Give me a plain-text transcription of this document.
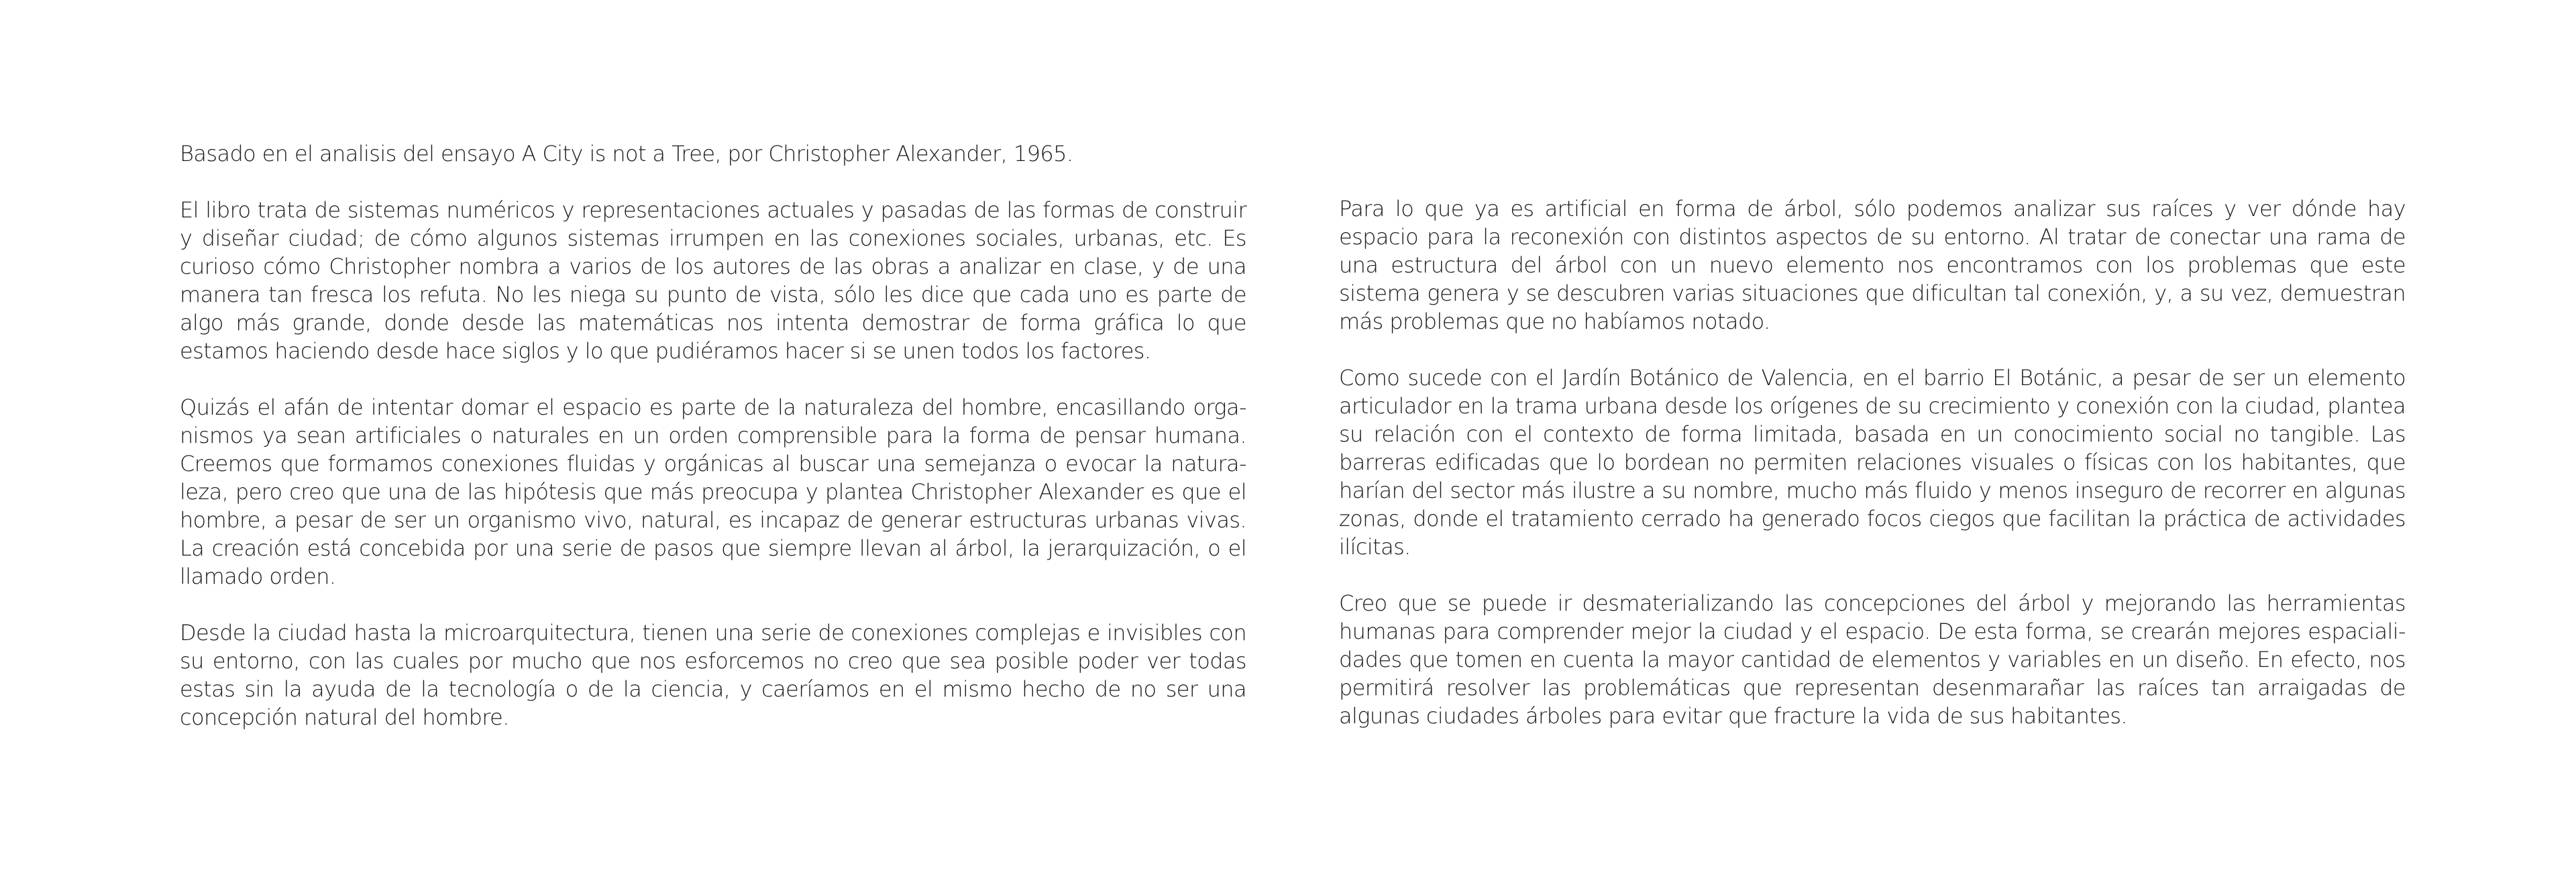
Basado en el analisis del ensayo A City is not a Tree, por Christopher Alexander, 1965.

El libro trata de sistemas numéricos y representaciones actuales y pasadas de las formas de construir y diseñar ciudad; de cómo algunos sistemas irrumpen en las conexiones sociales, urbanas, etc. Es curioso cómo Christopher nombra a varios de los autores de las obras a analizar en clase, y de una manera tan fresca los refuta. No les niega su punto de vista, sólo les dice que cada uno es parte de algo más grande, donde desde las matemáticas nos intenta demostrar de forma gráfica lo que estamos haciendo desde hace siglos y lo que pudiéramos hacer si se unen todos los factores.

Quizás el afán de intentar domar el espacio es parte de la naturaleza del hombre, encasillando orga-nismos ya sean artificiales o naturales en un orden comprensible para la forma de pensar humana. Creemos que formamos conexiones fluidas y orgánicas al buscar una semejanza o evocar la natura-leza, pero creo que una de las hipótesis que más preocupa y plantea Christopher Alexander es que el hombre, a pesar de ser un organismo vivo, natural, es incapaz de generar estructuras urbanas vivas. La creación está concebida por una serie de pasos que siempre llevan al árbol, la jerarquización, o el llamado orden.

Desde la ciudad hasta la microarquitectura, tienen una serie de conexiones complejas e invisibles con su entorno, con las cuales por mucho que nos esforcemos no creo que sea posible poder ver todas estas sin la ayuda de la tecnología o de la ciencia, y caeríamos en el mismo hecho de no ser una concepción natural del hombre.

Para lo que ya es artificial en forma de árbol, sólo podemos analizar sus raíces y ver dónde hay espacio para la reconexión con distintos aspectos de su entorno. Al tratar de conectar una rama de una estructura del árbol con un nuevo elemento nos encontramos con los problemas que este sistema genera y se descubren varias situaciones que dificultan tal conexión, y, a su vez, demuestran más problemas que no habíamos notado.

Como sucede con el Jardín Botánico de Valencia, en el barrio El Botánic, a pesar de ser un elemento articulador en la trama urbana desde los orígenes de su crecimiento y conexión con la ciudad, plantea su relación con el contexto de forma limitada, basada en un conocimiento social no tangible. Las barreras edificadas que lo bordean no permiten relaciones visuales o físicas con los habitantes, que harían del sector más ilustre a su nombre, mucho más fluido y menos inseguro de recorrer en algunas zonas, donde el tratamiento cerrado ha generado focos ciegos que facilitan la práctica de actividades ilícitas.

Creo que se puede ir desmaterializando las concepciones del árbol y mejorando las herramientas humanas para comprender mejor la ciudad y el espacio. De esta forma, se crearán mejores espaciali-dades que tomen en cuenta la mayor cantidad de elementos y variables en un diseño. En efecto, nos permitirá resolver las problemáticas que representan desenmarañar las raíces tan arraigadas de algunas ciudades árboles para evitar que fracture la vida de sus habitantes.
